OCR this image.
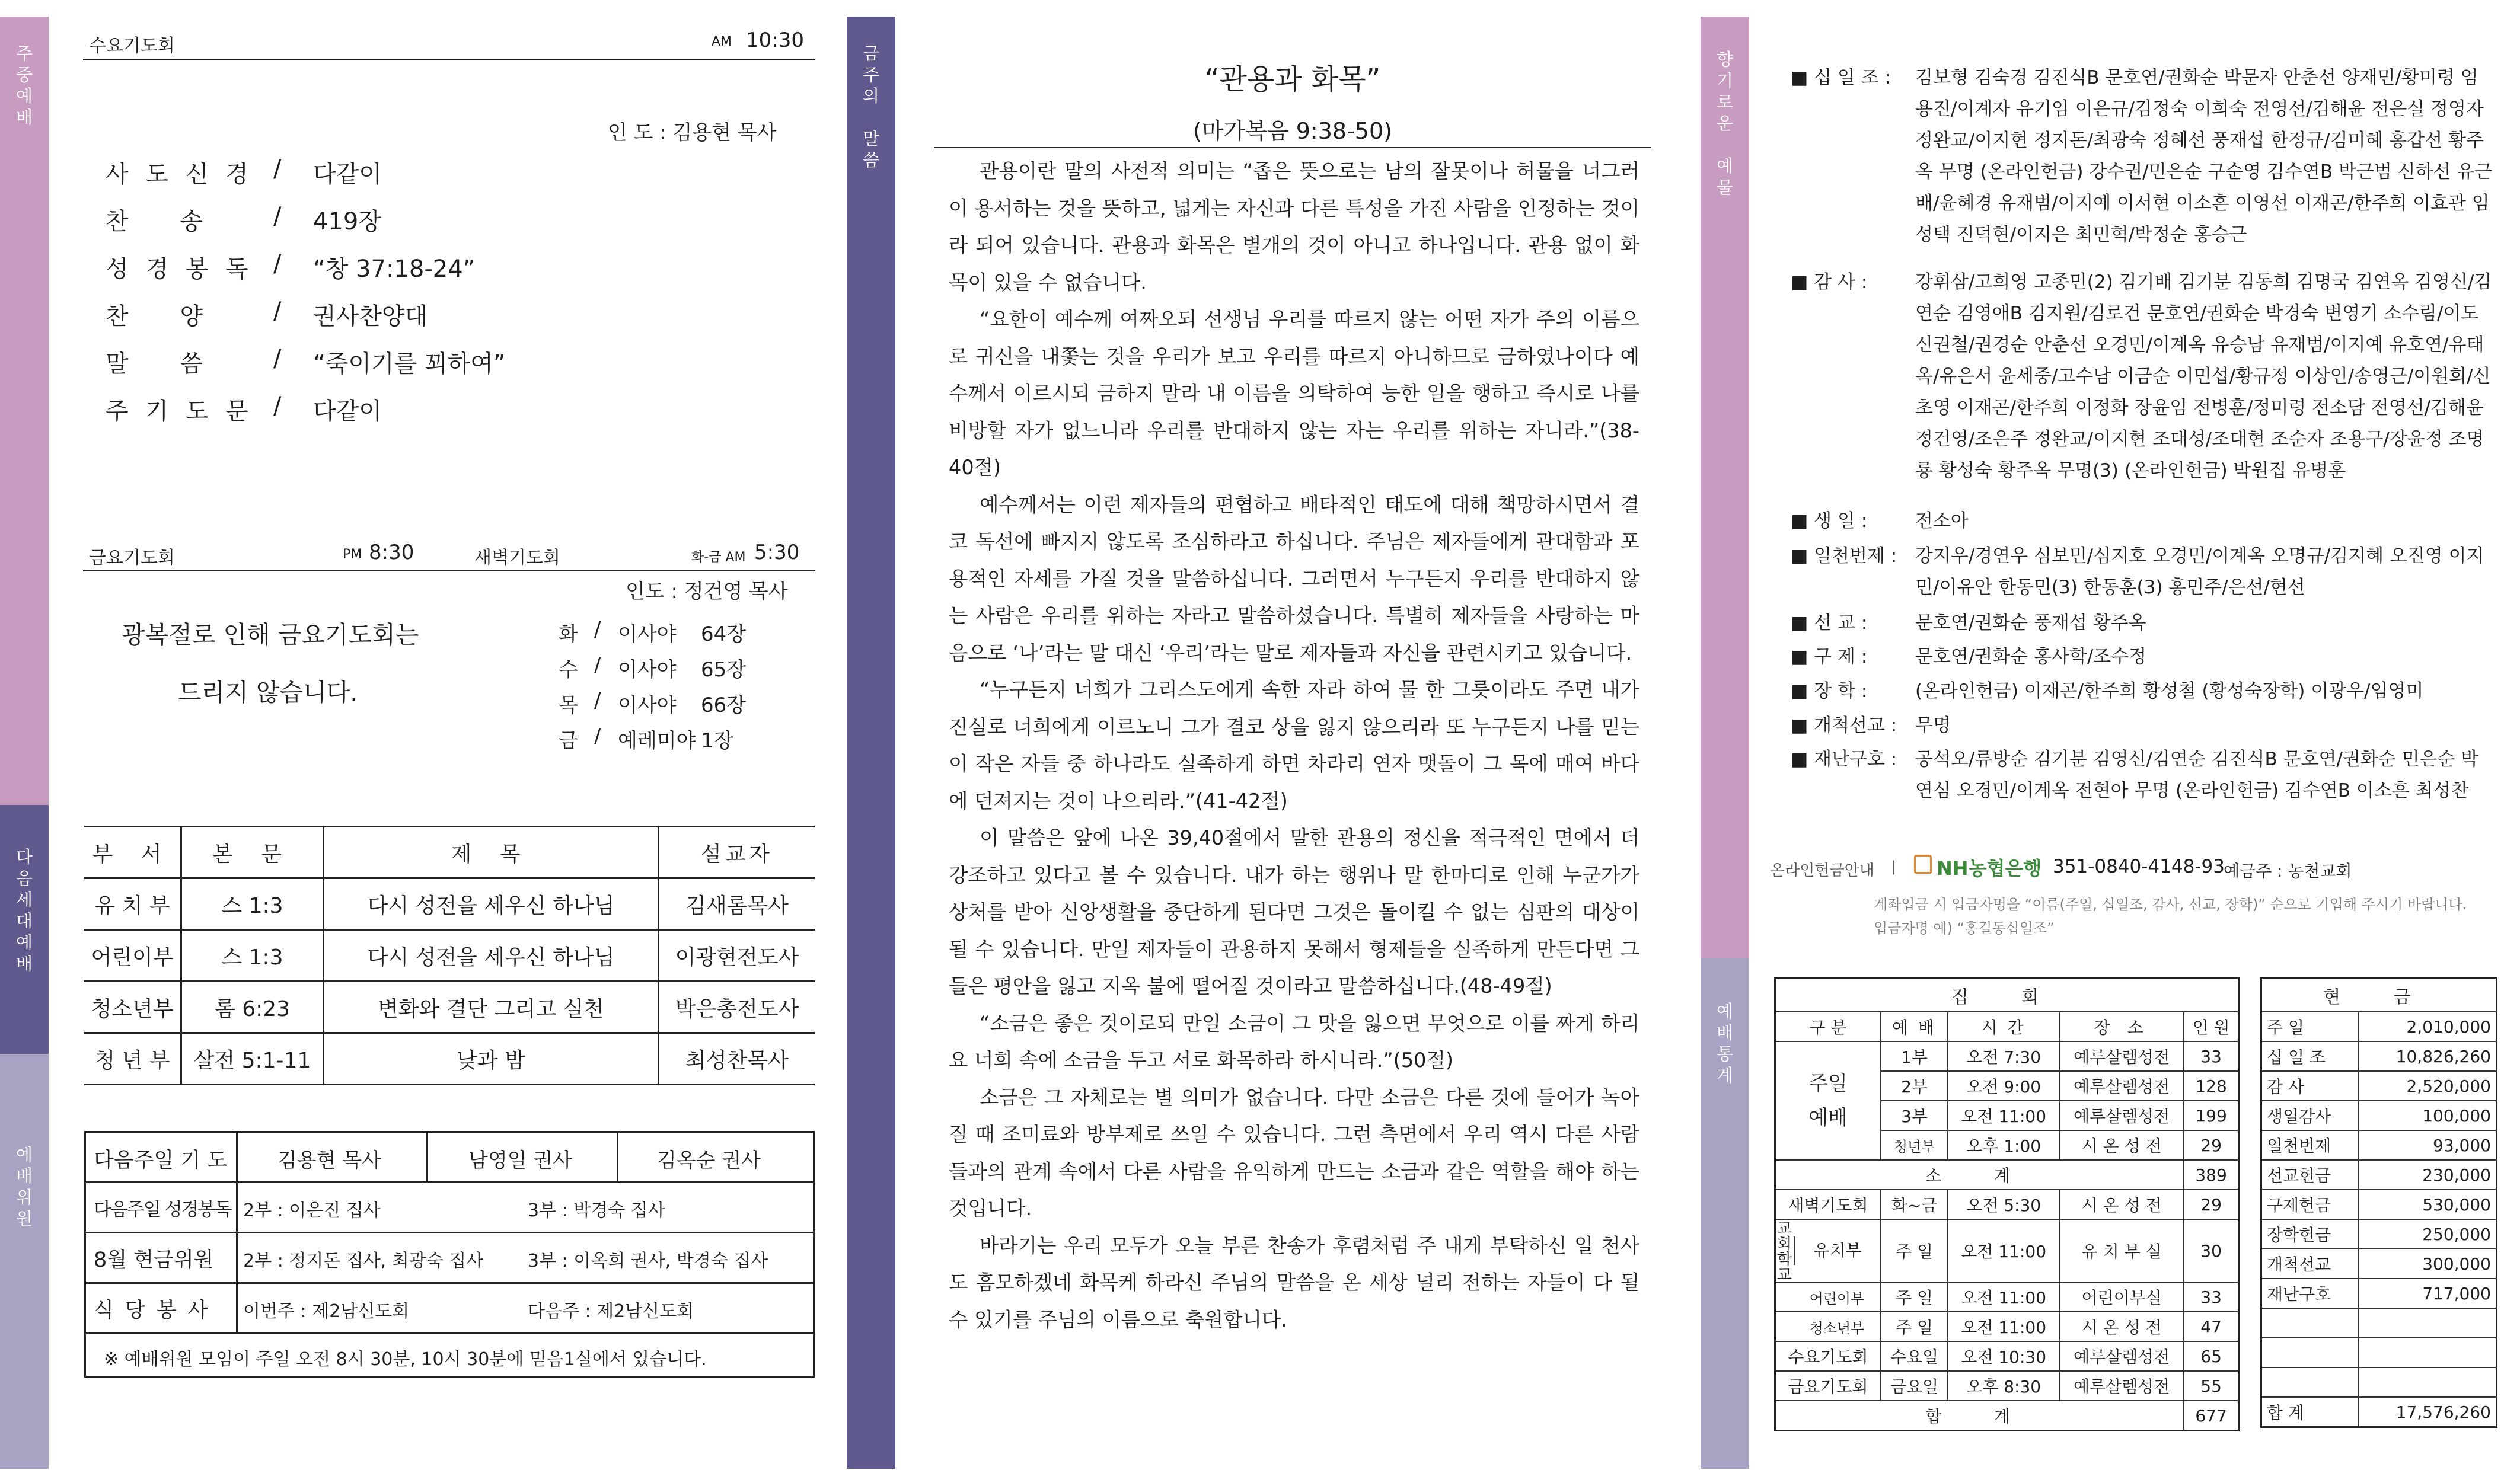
주
중
예
배
다
음
세
대
예
배
예
배
위
원
수요기도회	AM 10:30
인 도 : 김용현 목사
사 도 신 경 / 다같이
찬 송	/ 419장
성 경 봉 독 / “창 37:18-24”
찬 양	/ 권사찬양대
말 씀	/ “죽이기를 꾀하여”
주 기 도 문 / 다같이
금요기도회	PM 8:30	새벽기도회	화-금 AM 5:30
인도 : 정건영 목사
광복절로 인해 금요기도회는
드리지 않습니다.
화 / 이사야 64장
수 / 이사야 65장
목 / 이사야 66장
금 / 예레미야 1장
부 서	본 문	제 목	설교자
유 치 부	스 1:3	다시 성전을 세우신 하나님	김새롬목사
어린이부	스 1:3	다시 성전을 세우신 하나님	이광현전도사
청소년부	롬 6:23	변화와 결단 그리고 실천	박은총전도사
청 년 부	살전 5:1-11	낮과 밤	최성찬목사
다음주일 기 도 김용현 목사	남영일 권사	김옥순 권사
다음주일 성경봉독 2부 : 이은진 집사	3부 : 박경숙 집사
8월 현금위원 2부 : 정지돈 집사, 최광숙 집사 3부 : 이옥희 권사, 박경숙 집사
식 당 봉 사 이번주 : 제2남신도회	다음주 : 제2남신도회
※ 예배위원 모임이 주일 오전 8시 30분, 10시 30분에 믿음1실에서 있습니다.
금
주
의
말
씀
“관용과 화목”
(마가복음 9:38-50)

관용이란 말의 사전적 의미는 “좁은 뜻으로는 남의 잘못이나 허물을 너그러이 용서하는 것을 뜻하고, 넓게는 자신과 다른 특성을 가진 사람을 인정하는 것이라 되어 있습니다. 관용과 화목은 별개의 것이 아니고 하나입니다. 관용 없이 화목이 있을 수 없습니다.

“요한이 예수께 여짜오되 선생님 우리를 따르지 않는 어떤 자가 주의 이름으로 귀신을 내쫓는 것을 우리가 보고 우리를 따르지 아니하므로 금하였나이다 예수께서 이르시되 금하지 말라 내 이름을 의탁하여 능한 일을 행하고 즉시로 나를 비방할 자가 없느니라 우리를 반대하지 않는 자는 우리를 위하는 자니라.”(38-40절)

예수께서는 이런 제자들의 편협하고 배타적인 태도에 대해 책망하시면서 결코 독선에 빠지지 않도록 조심하라고 하십니다. 주님은 제자들에게 관대함과 포용적인 자세를 가질 것을 말씀하십니다. 그러면서 누구든지 우리를 반대하지 않는 사람은 우리를 위하는 자라고 말씀하셨습니다. 특별히 제자들을 사랑하는 마음으로 ‘나’라는 말 대신 ‘우리’라는 말로 제자들과 자신을 관련시키고 있습니다.

“누구든지 너희가 그리스도에게 속한 자라 하여 물 한 그릇이라도 주면 내가 진실로 너희에게 이르노니 그가 결코 상을 잃지 않으리라 또 누구든지 나를 믿는 이 작은 자들 중 하나라도 실족하게 하면 차라리 연자 맷돌이 그 목에 매여 바다에 던져지는 것이 나으리라.”(41-42절)

이 말씀은 앞에 나온 39,40절에서 말한 관용의 정신을 적극적인 면에서 더 강조하고 있다고 볼 수 있습니다. 내가 하는 행위나 말 한마디로 인해 누군가가 상처를 받아 신앙생활을 중단하게 된다면 그것은 돌이킬 수 없는 심판의 대상이 될 수 있습니다. 만일 제자들이 관용하지 못해서 형제들을 실족하게 만든다면 그들은 평안을 잃고 지옥 불에 떨어질 것이라고 말씀하십니다.(48-49절)

“소금은 좋은 것이로되 만일 소금이 그 맛을 잃으면 무엇으로 이를 짜게 하리요 너희 속에 소금을 두고 서로 화목하라 하시니라.”(50절)

소금은 그 자체로는 별 의미가 없습니다. 다만 소금은 다른 것에 들어가 녹아질 때 조미료와 방부제로 쓰일 수 있습니다. 그런 측면에서 우리 역시 다른 사람들과의 관계 속에서 다른 사람을 유익하게 만드는 소금과 같은 역할을 해야 하는 것입니다.

바라기는 우리 모두가 오늘 부른 찬송가 후렴처럼 주 내게 부탁하신 일 천사도 흠모하겠네 화목케 하라신 주님의 말씀을 온 세상 널리 전하는 자들이 다 될 수 있기를 주님의 이름으로 축원합니다.

향
기
로
운
예
물
예
배
통
계
■ 십 일 조 :	김보형 김숙경 김진식B 문호연/권화순 박문자 안춘선 양재민/황미령 엄용진/이계자 유기임 이은규/김정숙 이희숙 전영선/김해윤 전은실 정영자 정완교/이지현 정지돈/최광숙 정혜선 풍재섭 한정규/김미혜 홍갑선 황주옥 무명 (온라인헌금) 강수권/민은순 구순영 김수연B 박근범 신하선 유근배/윤혜경 유재범/이지예 이서현 이소흔 이영선 이재곤/한주희 이효관 임성택 진덕현/이지은 최민혁/박정순 홍승근
■ 감 사 :	강휘삼/고희영 고종민(2) 김기배 김기분 김동희 김명국 김연옥 김영신/김연순 김영애B 김지원/김로건 문호연/권화순 박경숙 변영기 소수림/이도신권철/권경순 안춘선 오경민/이계옥 유승남 유재범/이지예 유호연/유태옥/유은서 윤세중/고수남 이금순 이민섭/황규정 이상인/송영근/이원희/신초영 이재곤/한주희 이정화 장윤임 전병훈/정미령 전소담 전영선/김해윤 정건영/조은주 정완교/이지현 조대성/조대현 조순자 조용구/장윤정 조명룡 황성숙 황주옥 무명(3) (온라인헌금) 박원집 유병훈
■ 생 일 :	전소아
■ 일천번제 : 강지우/경연우 심보민/심지호 오경민/이계옥 오명규/김지혜 오진영 이지민/이유안 한동민(3) 한동훈(3) 홍민주/은선/현선
■ 선 교 :	문호연/권화순 풍재섭 황주옥
■ 구 제 :	문호연/권화순 홍사학/조수정
■ 장 학 :	(온라인헌금) 이재곤/한주희 황성철 (황성숙장학) 이광우/임영미
■ 개척선교 : 무명
■ 재난구호 : 공석오/류방순 김기분 김영신/김연순 김진식B 문호연/권화순 민은순 박연심 오경민/이계옥 전현아 무명 (온라인헌금) 김수연B 이소흔 최성찬
온라인헌금안내 | NH농협은행 351-0840-4148-93
예금주 : 농천교회
계좌입금 시 입금자명을 “이름(주일, 십일조, 감사, 선교, 장학)” 순으로 기입해 주시기 바랍니다.
입금자명 예) “홍길동십일조”
집 회				
구 분	예 배	시 간	장 소	인 원
주일
예배	1부	오전 7:30	예루살렘성전	33
	2부	오전 9:00	예루살렘성전	128
	3부	오전 11:00	예루살렘성전	199
	청년부	오후 1:00	시 온 성 전	29
소 계				389
새벽기도회	화~금	오전 5:30	시 온 성 전	29

교회학교 유치부	주 일	오전 11:00	유 치 부 실	30
어린이부	주 일	오전 11:00	어린이부실	33
청소년부	주 일	오전 11:00	시 온 성 전	47
수요기도회	수요일	오전 10:30	예루살렘성전	65
금요기도회	금요일	오후 8:30	예루살렘성전	55
합 계				677
현 금	
주 일	2,010,000
십 일 조	10,826,260
감 사	2,520,000
생일감사	100,000
일천번제	93,000
선교헌금	230,000
구제헌금	530,000
장학헌금	250,000
개척선교	300,000
재난구호	717,000

합 계	17,576,260
